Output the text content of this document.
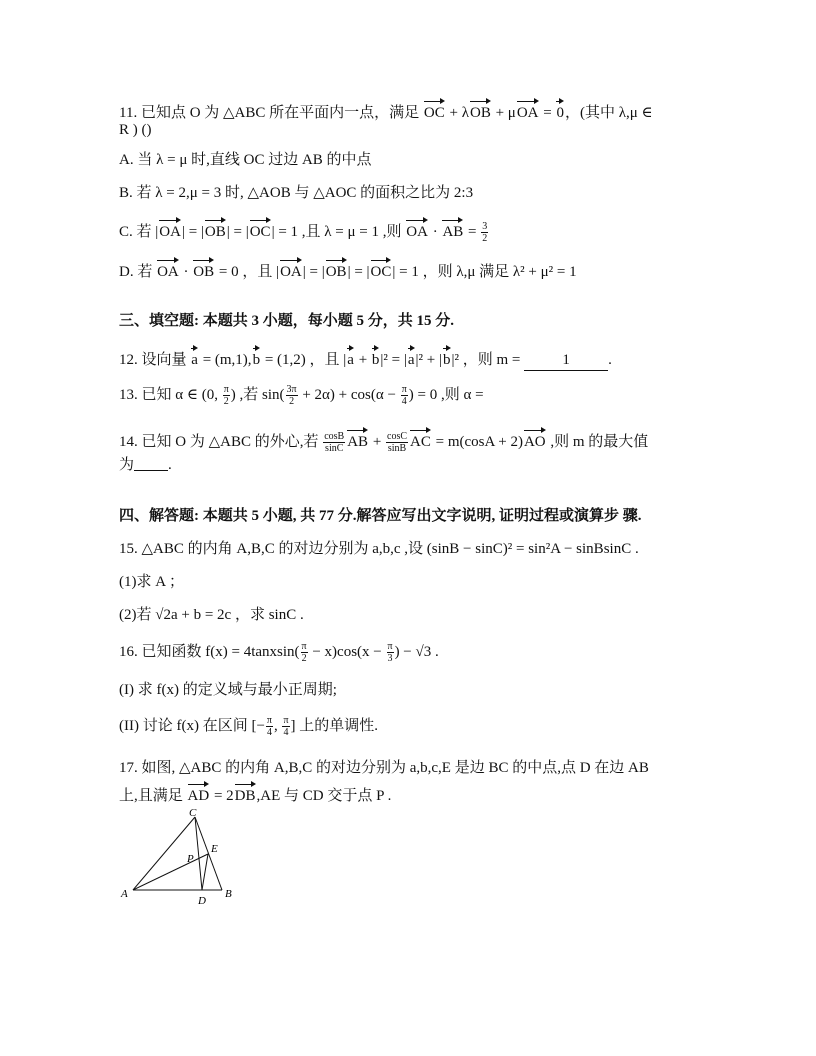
11. 已知点 O 为 △ABC 所在平面内一点，满足 OC + λOB + μOA = 0，(其中 λ,μ ∈
R ) ()
A. 当 λ = μ 时,直线 OC 过边 AB 的中点
B. 若 λ = 2,μ = 3 时, △AOB 与 △AOC 的面积之比为 2:3
C. 若 |OA| = |OB| = |OC| = 1 ,且 λ = μ = 1 ,则 OA · AB = $\frac{3}{2}$
D. 若 OA · OB = 0 ，且 |OA| = |OB| = |OC| = 1 ，则 λ,μ 满足 λ² + μ² = 1
三、填空题: 本题共 3 小题，每小题 5 分，共 15 分.
12. 设向量 a = (m,1),b = (1,2) ，且 |a + b|² = |a|² + |b|² ，则 m =	1	.
13. 已知 α ∈ (0, $\frac{\pi}{2}$ ) ,若 $\sin( \frac{3\pi}{2} + 2\alpha) + \cos(\alpha - \frac{\pi}{4}$ ) = 0 ,则 α =
14. 已知 O 为 △ABC 的外心,若 $\frac{\cos B}{\sin C}$ AB + $\frac{\cos C}{\sin B}$ AC = m(cosA + 2)AO ,则 m 的最大值
为 .
四、解答题: 本题共 5 小题, 共 77 分.解答应写出文字说明, 证明过程或演算步 骤.
15. △ABC 的内角 A,B,C 的对边分别为 a,b,c ,设 (sinB − sinC)² = sin²A − sinBsinC .
(1)求 A ；
(2)若 √2a + b = 2c ，求 sinC .
16. 已知函数 f(x) = 4tanxsin( $\frac{\pi}{2} - x)\cos(x - \frac{\pi}{3}$ ) − √3 .
(I) 求 f(x) 的定义域与最小正周期;
(II) 讨论 f(x) 在区间 [− $\frac{\pi}{4}$ , $\frac{\pi}{4}$ ] 上的单调性.
17. 如图, △ABC 的内角 A,B,C 的对边分别为 a,b,c,E 是边 BC 的中点,点 D 在边 AB
上,且满足 AD = 2DB,AE 与 CD 交于点 P .
A	B
C
D
E
P
